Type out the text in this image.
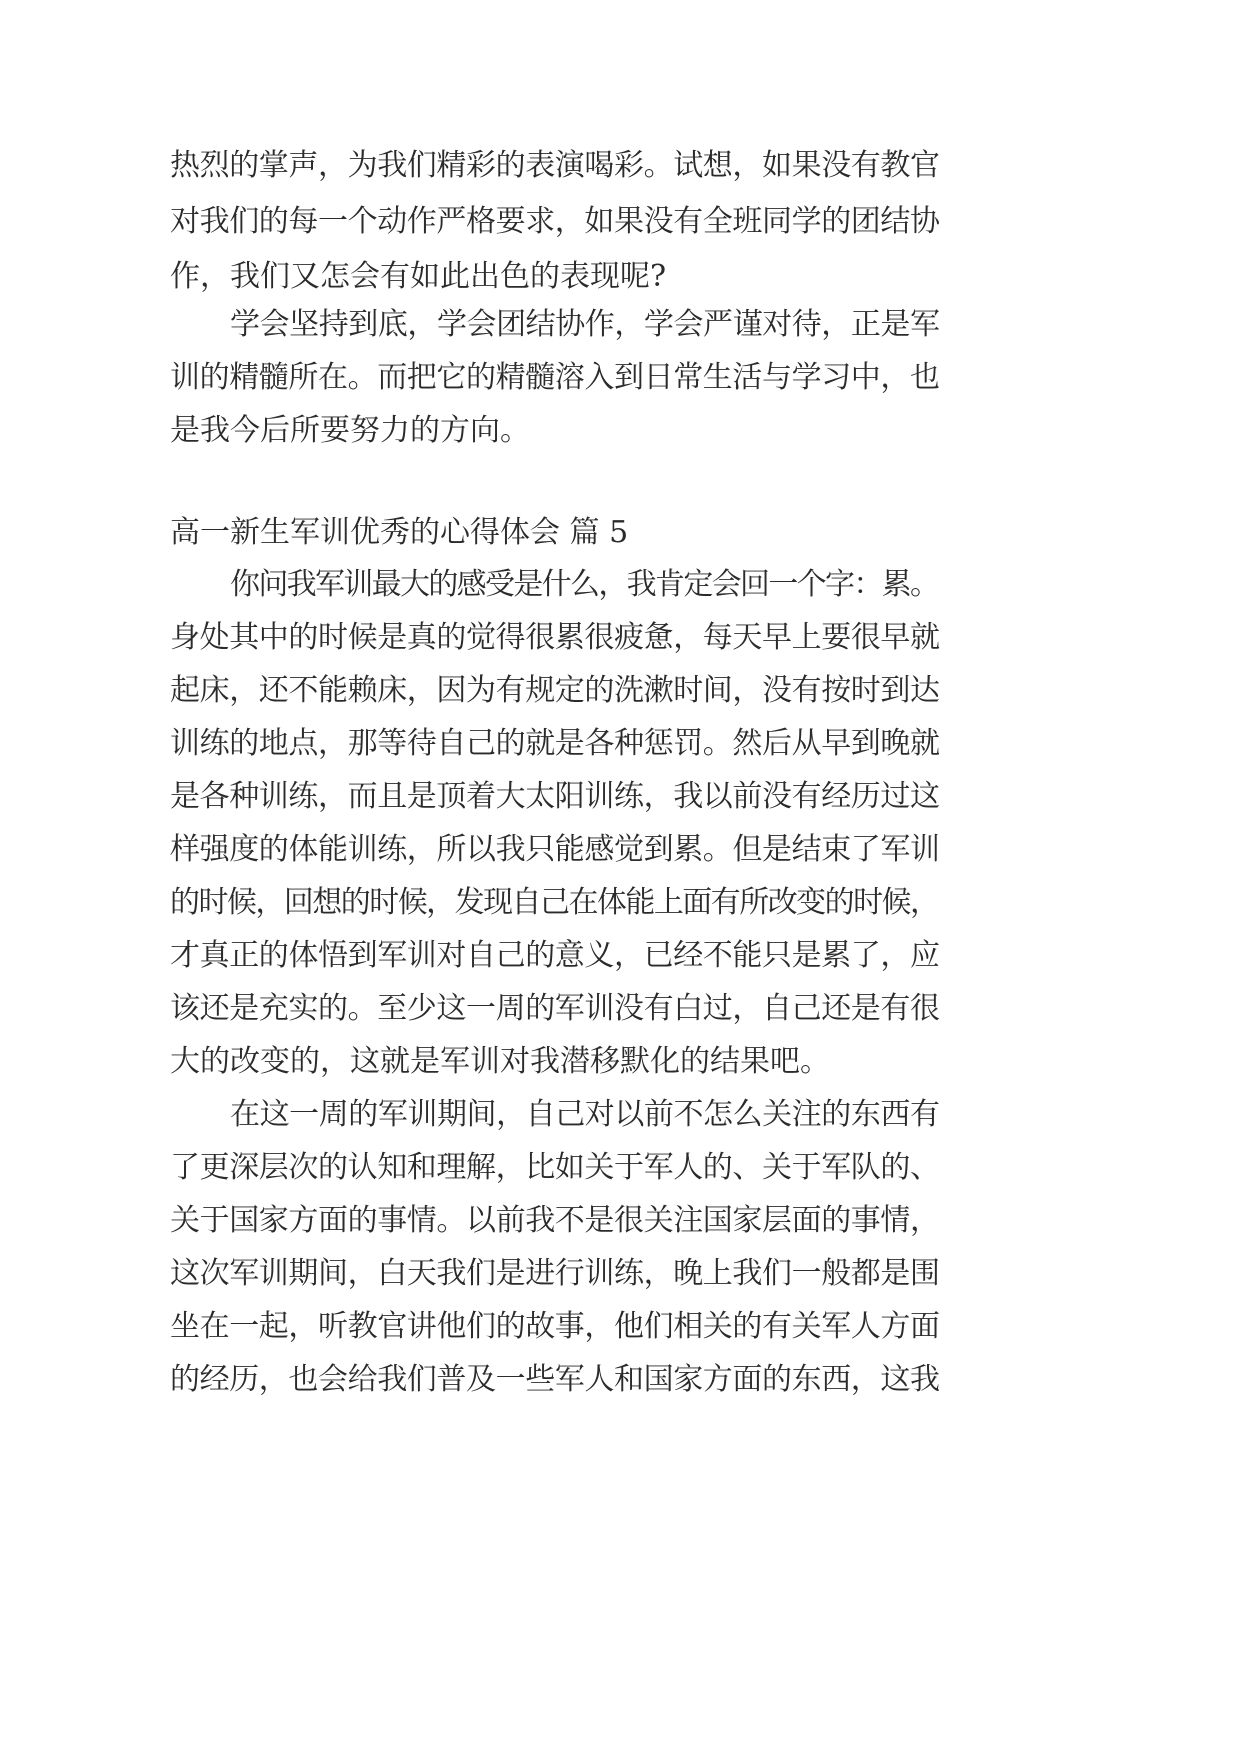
热烈的掌声，为我们精彩的表演喝彩。试想，如果没有教官
对我们的每一个动作严格要求，如果没有全班同学的团结协
作，我们又怎会有如此出色的表现呢?
学会坚持到底，学会团结协作，学会严谨对待，正是军
训的精髓所在。而把它的精髓溶入到日常生活与学习中，也
是我今后所要努力的方向。
高一新生军训优秀的心得体会 篇 5
你问我军训最大的感受是什么，我肯定会回一个字：累。
身处其中的时候是真的觉得很累很疲惫，每天早上要很早就
起床，还不能赖床，因为有规定的洗漱时间，没有按时到达
训练的地点，那等待自己的就是各种惩罚。然后从早到晚就
是各种训练，而且是顶着大太阳训练，我以前没有经历过这
样强度的体能训练，所以我只能感觉到累。但是结束了军训
的时候，回想的时候，发现自己在体能上面有所改变的时候，
才真正的体悟到军训对自己的意义，已经不能只是累了，应
该还是充实的。至少这一周的军训没有白过，自己还是有很
大的改变的，这就是军训对我潜移默化的结果吧。
在这一周的军训期间，自己对以前不怎么关注的东西有
了更深层次的认知和理解，比如关于军人的、关于军队的、
关于国家方面的事情。以前我不是很关注国家层面的事情，
这次军训期间，白天我们是进行训练，晚上我们一般都是围
坐在一起，听教官讲他们的故事，他们相关的有关军人方面
的经历，也会给我们普及一些军人和国家方面的东西，这我
